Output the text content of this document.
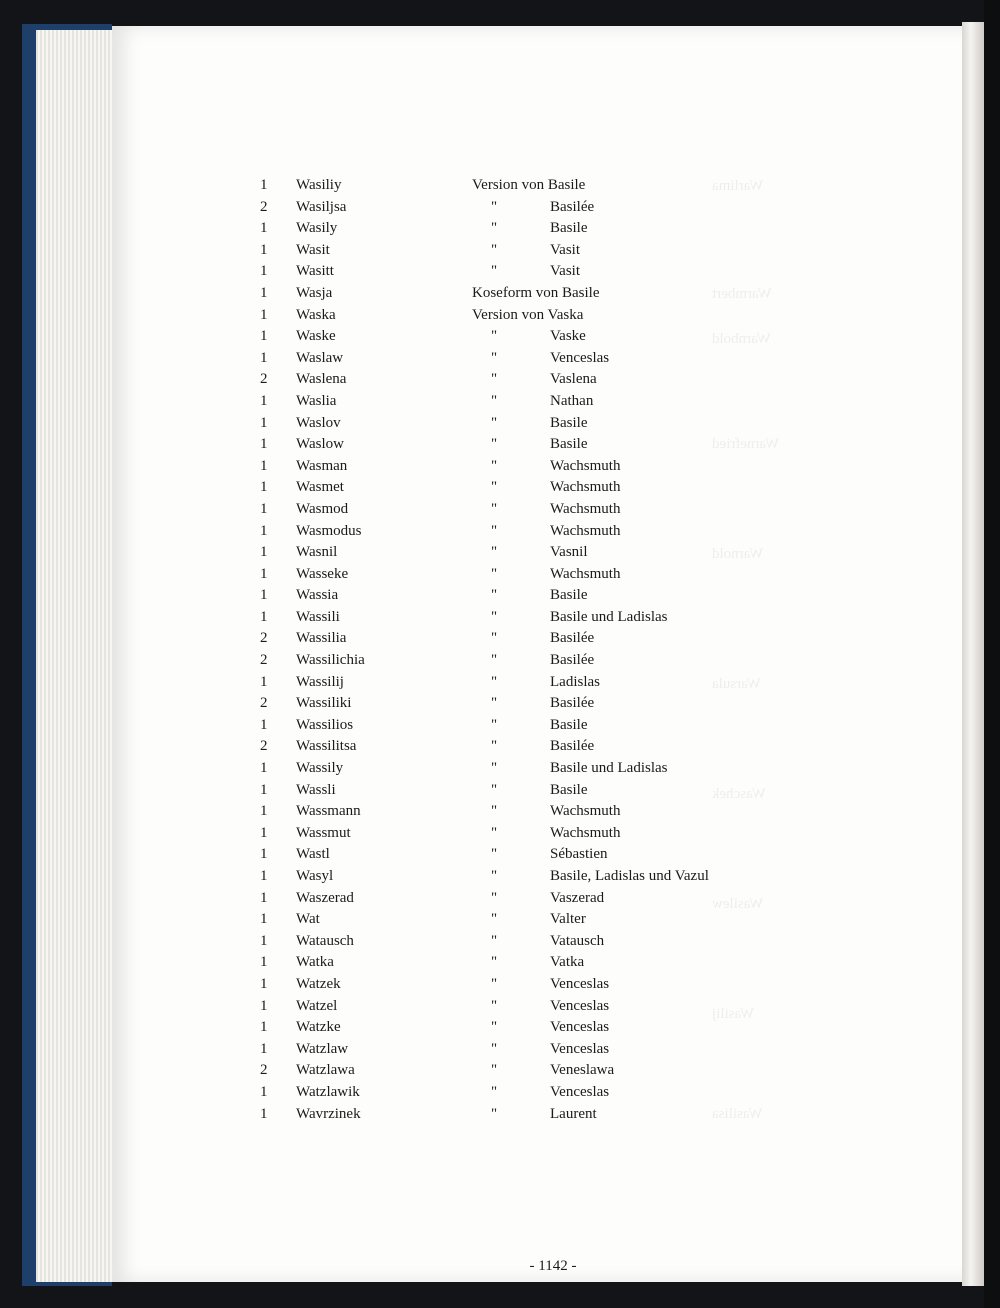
1 Wasiliy	Version von Basile
2 Wasiljsa	"	Basilée
1 Wasily	"	Basile
1 Wasit	"	Vasit
1 Wasitt	"	Vasit
1 Wasja	Koseform von Basile
1 Waska	Version von Vaska
1 Waske	"	Vaske
1 Waslaw	"	Venceslas
2 Waslena	"	Vaslena
1 Waslia	"	Nathan
1 Waslov	"	Basile
1 Waslow	"	Basile
1 Wasman	"	Wachsmuth
1 Wasmet	"	Wachsmuth
1 Wasmod	"	Wachsmuth
1 Wasmodus	"	Wachsmuth
1 Wasnil	"	Vasnil
1 Wasseke	"	Wachsmuth
1 Wassia	"	Basile
1 Wassili	"	Basile und Ladislas
2 Wassilia	"	Basilée
2 Wassilichia	"	Basilée
1 Wassilij	"	Ladislas
2 Wassiliki	"	Basilée
1 Wassilios	"	Basile
2 Wassilitsa	"	Basilée
1 Wassily	"	Basile und Ladislas
1 Wassli	"	Basile
1 Wassmann	"	Wachsmuth
1 Wassmut	"	Wachsmuth
1 Wastl	"	Sébastien
1 Wasyl	"	Basile, Ladislas und Vazul
1 Waszerad	"	Vaszerad
1 Wat	"	Valter
1 Watausch	"	Vatausch
1 Watka	"	Vatka
1 Watzek	"	Venceslas
1 Watzel	"	Venceslas
1 Watzke	"	Venceslas
1 Watzlaw	"	Venceslas
2 Watzlawa	"	Veneslawa
1 Watzlawik	"	Venceslas
1 Wavrzinek	"	Laurent
- 1142 -
